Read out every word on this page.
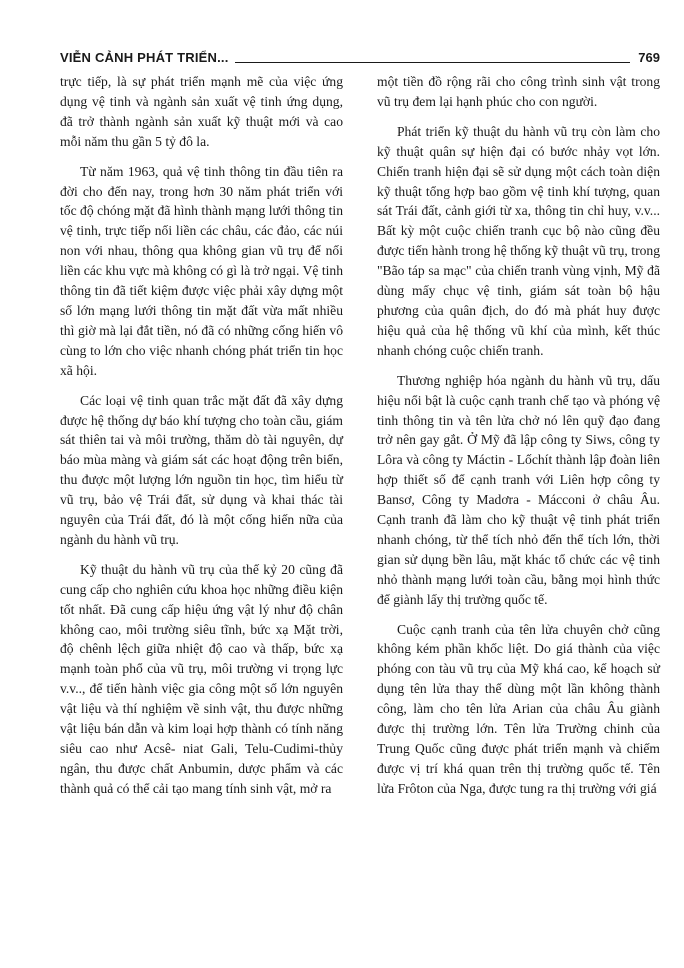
VIỄN CẢNH PHÁT TRIỂN...	769

trực tiếp, là sự phát triển mạnh mẽ của việc ứng dụng vệ tinh và ngành sản xuất vệ tinh ứng dụng, đã trở thành ngành sản xuất kỹ thuật mới và cao mỗi năm thu gần 5 tỷ đô la.

Từ năm 1963, quả vệ tinh thông tin đầu tiên ra đời cho đến nay, trong hơn 30 năm phát triển với tốc độ chóng mặt đã hình thành mạng lưới thông tin vệ tinh, trực tiếp nối liền các châu, các đảo, các núi non với nhau, thông qua không gian vũ trụ để nối liền các khu vực mà không có gì là trở ngại. Vệ tinh thông tin đã tiết kiệm được việc phải xây dựng một số lớn mạng lưới thông tin mặt đất vừa mất nhiều thì giờ mà lại đắt tiền, nó đã có những cống hiến vô cùng to lớn cho việc nhanh chóng phát triển tin học xã hội.

Các loại vệ tinh quan trắc mặt đất đã xây dựng được hệ thống dự báo khí tượng cho toàn cầu, giám sát thiên tai và môi trường, thăm dò tài nguyên, dự báo mùa màng và giám sát các hoạt động trên biển, thu được một lượng lớn nguồn tin học, tìm hiểu từ vũ trụ, bảo vệ Trái đất, sử dụng và khai thác tài nguyên của Trái đất, đó là một cống hiến nữa của ngành du hành vũ trụ.

Kỹ thuật du hành vũ trụ của thế kỷ 20 cũng đã cung cấp cho nghiên cứu khoa học những điều kiện tốt nhất. Đã cung cấp hiệu ứng vật lý như độ chân không cao, môi trường siêu tĩnh, bức xạ Mặt trời, độ chênh lệch giữa nhiệt độ cao và thấp, bức xạ mạnh toàn phổ của vũ trụ, môi trường vi trọng lực v.v.., để tiến hành việc gia công một số lớn nguyên vật liệu và thí nghiệm về sinh vật, thu được những vật liệu bán dẫn và kim loại hợp thành có tính năng siêu cao như Acsê- niat Gali, Telu-Cudimi-thủy ngân, thu được chất Anbumin, dược phẩm và các thành quả có thể cải tạo mang tính sinh vật, mở ra

một tiền đồ rộng rãi cho công trình sinh vật trong vũ trụ đem lại hạnh phúc cho con người.

Phát triển kỹ thuật du hành vũ trụ còn làm cho kỹ thuật quân sự hiện đại có bước nhảy vọt lớn. Chiến tranh hiện đại sẽ sử dụng một cách toàn diện kỹ thuật tổng hợp bao gồm vệ tinh khí tượng, quan sát Trái đất, cảnh giới từ xa, thông tin chỉ huy, v.v... Bất kỳ một cuộc chiến tranh cục bộ nào cũng đều được tiến hành trong hệ thống kỹ thuật vũ trụ, trong "Bão táp sa mạc" của chiến tranh vùng vịnh, Mỹ đã dùng mấy chục vệ tinh, giám sát toàn bộ hậu phương của quân địch, do đó mà phát huy được hiệu quả của hệ thống vũ khí của mình, kết thúc nhanh chóng cuộc chiến tranh.

Thương nghiệp hóa ngành du hành vũ trụ, dấu hiệu nổi bật là cuộc cạnh tranh chế tạo và phóng vệ tinh thông tin và tên lửa chở nó lên quỹ đạo đang trở nên gay gắt. Ở Mỹ đã lập công ty Siws, công ty Lôra và công ty Máctin - Lốchít thành lập đoàn liên hợp thiết số để cạnh tranh với Liên hợp công ty Bansơ, Công ty Madơra - Mácconi ở châu Âu. Cạnh tranh đã làm cho kỹ thuật vệ tinh phát triển nhanh chóng, từ thể tích nhỏ đến thể tích lớn, thời gian sử dụng bền lâu, mặt khác tổ chức các vệ tinh nhỏ thành mạng lưới toàn cầu, bằng mọi hình thức để giành lấy thị trường quốc tế.

Cuộc cạnh tranh của tên lửa chuyên chở cũng không kém phần khốc liệt. Do giá thành của việc phóng con tàu vũ trụ của Mỹ khá cao, kế hoạch sử dụng tên lửa thay thế dùng một lần không thành công, làm cho tên lửa Arian của châu Âu giành được thị trường lớn. Tên lửa Trường chinh của Trung Quốc cũng được phát triển mạnh và chiếm được vị trí khá quan trên thị trường quốc tế. Tên lửa Frôton của Nga, được tung ra thị trường với giá
